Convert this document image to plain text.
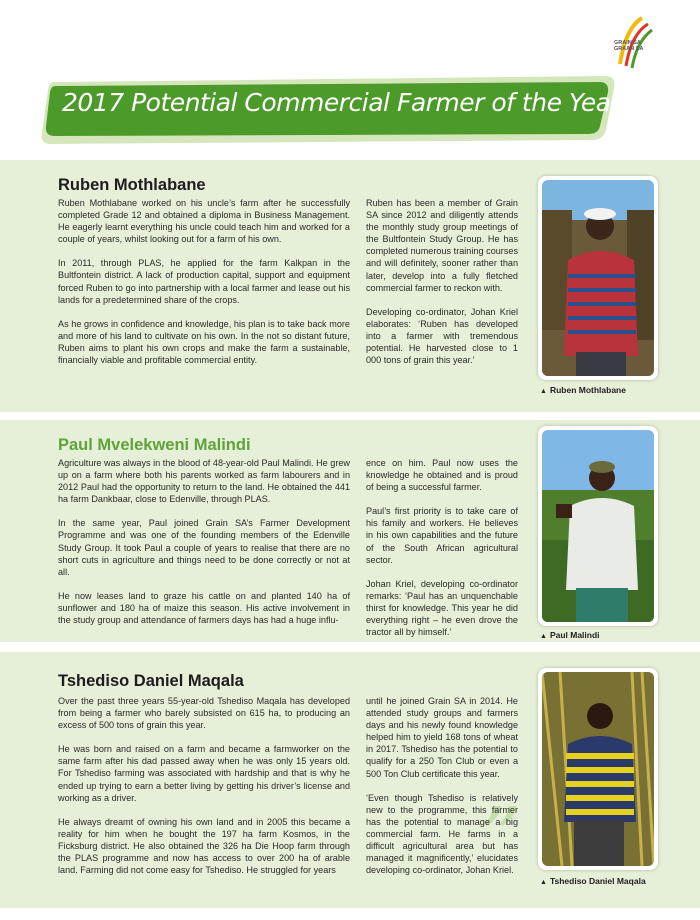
GRAIN SA
GRAAN SA
2017 Potential Commercial Farmer of the Year
Ruben Mothlabane

Ruben Mothlabane worked on his uncle’s farm after he successfully completed Grade 12 and obtained a diploma in Business Management. He eagerly learnt everything his uncle could teach him and worked for a couple of years, whilst looking out for a farm of his own.

In 2011, through PLAS, he applied for the farm Kalkpan in the Bultfontein district. A lack of production capital, support and equipment forced Ruben to go into partnership with a local farmer and lease out his lands for a predetermined share of the crops.

As he grows in confidence and knowledge, his plan is to take back more and more of his land to cultivate on his own. In the not so distant future, Ruben aims to plant his own crops and make the farm a sustainable, financially viable and profitable commercial entity.

Ruben has been a member of Grain SA since 2012 and diligently attends the monthly study group meetings of the Bultfontein Study Group. He has completed numerous training courses and will definitely, sooner rather than later, develop into a fully fletched commercial farmer to reckon with.

Developing co-ordinator, Johan Kriel elaborates: ‘Ruben has developed into a farmer with tremendous potential. He harvested close to 1 000 tons of grain this year.’

▲ Ruben Mothlabane
Paul Mvelekweni Malindi

Agriculture was always in the blood of 48-year-old Paul Malindi. He grew up on a farm where both his parents worked as farm labourers and in 2012 Paul had the opportunity to return to the land. He obtained the 441 ha farm Dankbaar, close to Edenville, through PLAS.

In the same year, Paul joined Grain SA’s Farmer Development Programme and was one of the founding members of the Edenville Study Group. It took Paul a couple of years to realise that there are no short cuts in agriculture and things need to be done correctly or not at all.

He now leases land to graze his cattle on and planted 140 ha of sunflower and 180 ha of maize this season. His active involvement in the study group and attendance of farmers days has had a huge influ-

ence on him. Paul now uses the knowledge he obtained and is proud of being a successful farmer.

Paul’s first priority is to take care of his family and workers. He believes in his own capabilities and the future of the South African agricultural sector.

Johan Kriel, developing co-ordinator remarks: ‘Paul has an unquenchable thirst for knowledge. This year he did everything right – he even drove the tractor all by himself.’	▲ Paul Malindi
”
Tshediso Daniel Maqala

Over the past three years 55-year-old Tshediso Maqala has developed from being a farmer who barely subsisted on 615 ha, to producing an excess of 500 tons of grain this year.

He was born and raised on a farm and became a farmworker on the same farm after his dad passed away when he was only 15 years old. For Tshediso farming was associated with hardship and that is why he ended up trying to earn a better living by getting his driver’s license and working as a driver.

He always dreamt of owning his own land and in 2005 this became a reality for him when he bought the 197 ha farm Kosmos, in the Ficksburg district. He also obtained the 326 ha Die Hoop farm through the PLAS programme and now has access to over 200 ha of arable land. Farming did not come easy for Tshediso. He struggled for years

until he joined Grain SA in 2014. He attended study groups and farmers days and his newly found knowledge helped him to yield 168 tons of wheat in 2017. Tshediso has the potential to qualify for a 250 Ton Club or even a 500 Ton Club certificate this year.

‘Even though Tshediso is relatively new to the programme, this farmer has the potential to manage a big commercial farm. He farms in a difficult agricultural area but has managed it magnificently,’ elucidates developing co-ordinator, Johan Kriel.

▲ Tshediso Daniel Maqala
